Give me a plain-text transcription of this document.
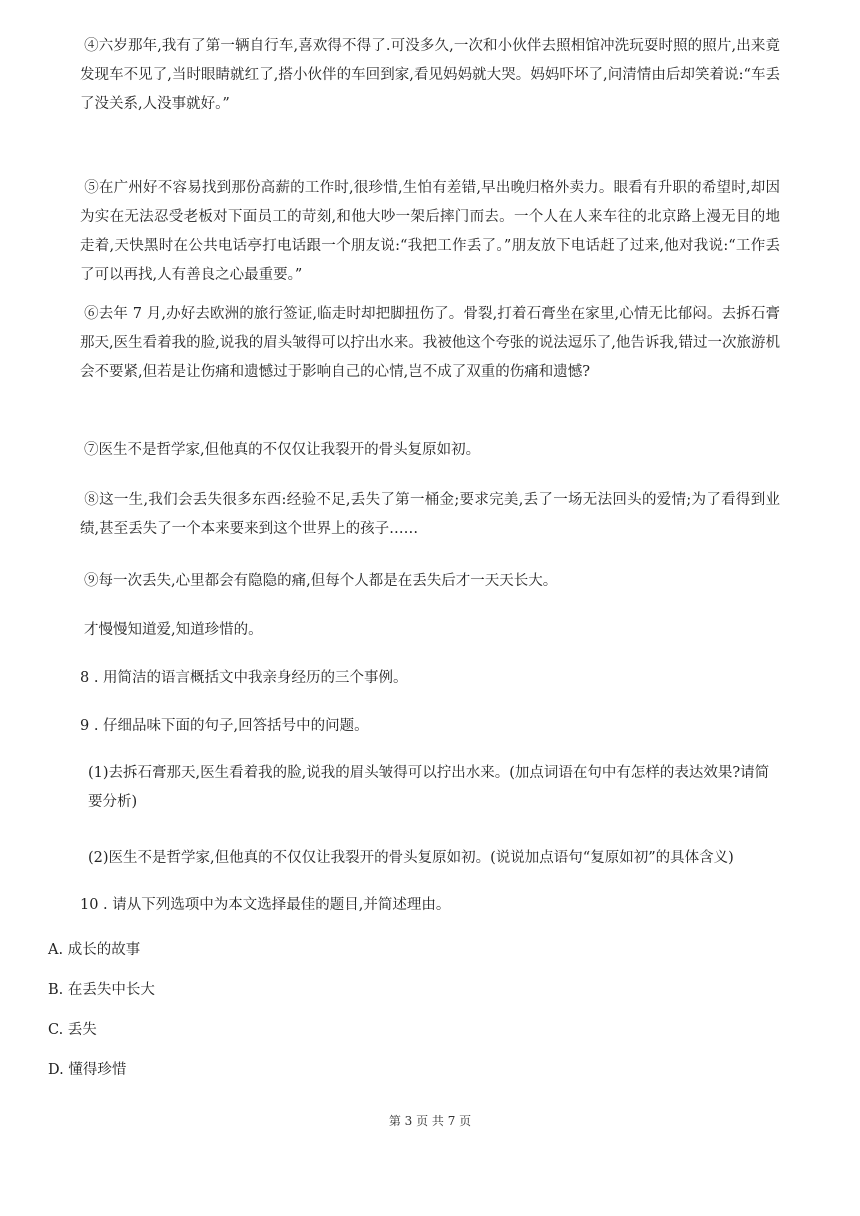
④六岁那年,我有了第一辆自行车,喜欢得不得了.可没多久,一次和小伙伴去照相馆冲洗玩耍时照的照片,出来竟发现车不见了,当时眼睛就红了,搭小伙伴的车回到家,看见妈妈就大哭。妈妈吓坏了,问清情由后却笑着说:“车丢了没关系,人没事就好。”

⑤在广州好不容易找到那份高薪的工作时,很珍惜,生怕有差错,早出晚归格外卖力。眼看有升职的希望时,却因为实在无法忍受老板对下面员工的苛刻,和他大吵一架后摔门而去。一个人在人来车往的北京路上漫无目的地走着,天快黑时在公共电话亭打电话跟一个朋友说:“我把工作丢了。”朋友放下电话赶了过来,他对我说:“工作丢了可以再找,人有善良之心最重要。”

⑥去年 7 月,办好去欧洲的旅行签证,临走时却把脚扭伤了。骨裂,打着石膏坐在家里,心情无比郁闷。去拆石膏那天,医生看着我的脸,说我的眉头皱得可以拧出水来。我被他这个夸张的说法逗乐了,他告诉我,错过一次旅游机会不要紧,但若是让伤痛和遗憾过于影响自己的心情,岂不成了双重的伤痛和遗憾?

⑦医生不是哲学家,但他真的不仅仅让我裂开的骨头复原如初。

⑧这一生,我们会丢失很多东西:经验不足,丢失了第一桶金;要求完美,丢了一场无法回头的爱情;为了看得到业绩,甚至丢失了一个本来要来到这个世界上的孩子……

⑨每一次丢失,心里都会有隐隐的痛,但每个人都是在丢失后才一天天长大。

才慢慢知道爱,知道珍惜的。

8 . 用简洁的语言概括文中我亲身经历的三个事例。

9 . 仔细品味下面的句子,回答括号中的问题。

(1)去拆石膏那天,医生看着我的脸,说我的眉头皱得可以拧出水来。(加点词语在句中有怎样的表达效果?请简要分析)

(2)医生不是哲学家,但他真的不仅仅让我裂开的骨头复原如初。(说说加点语句“复原如初”的具体含义)

10 . 请从下列选项中为本文选择最佳的题目,并简述理由。

A. 成长的故事

B. 在丢失中长大

C. 丢失

D. 懂得珍惜

第 3 页 共 7 页
